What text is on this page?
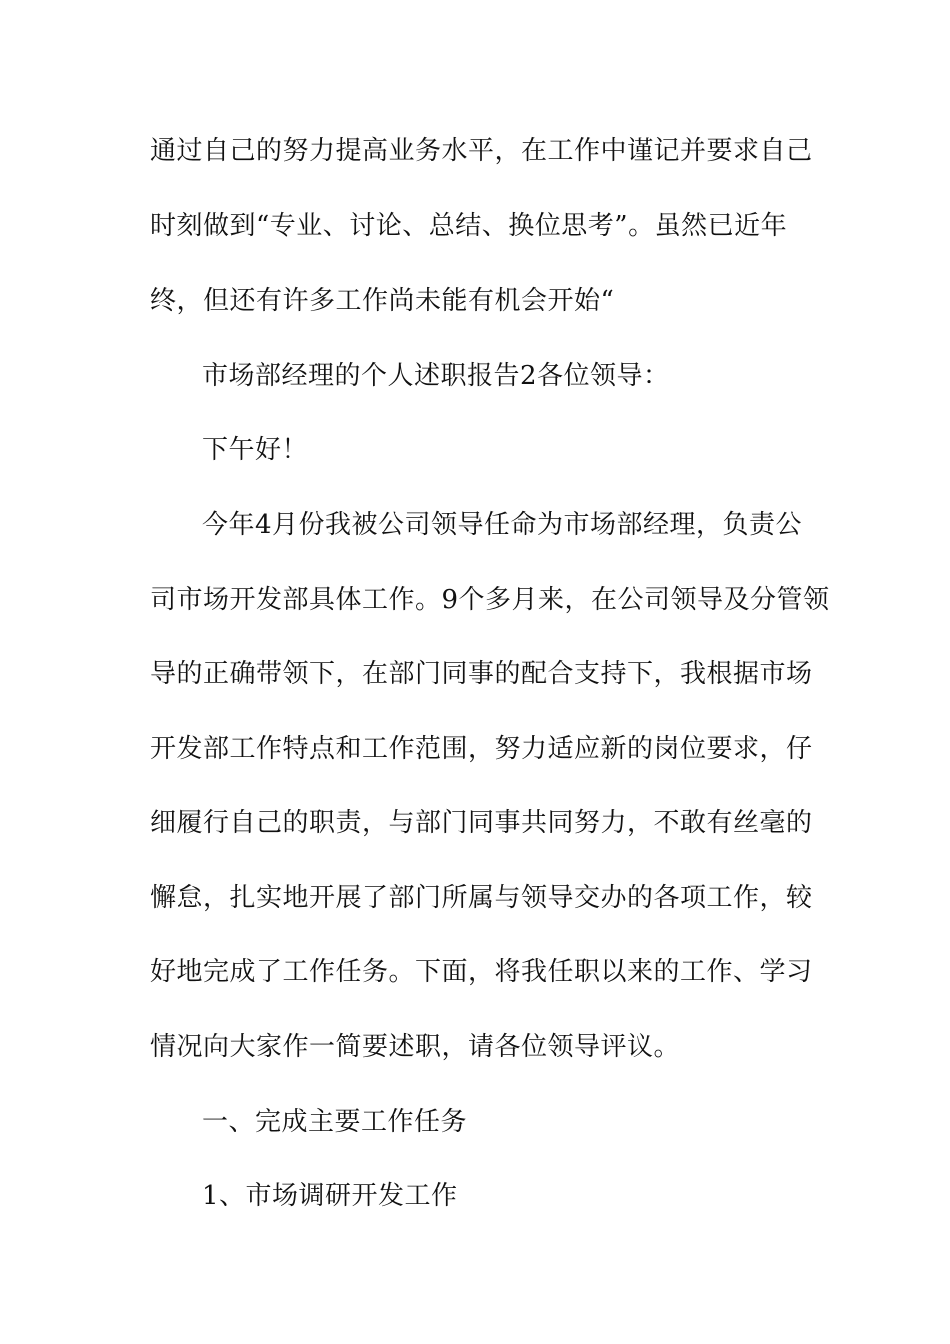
通过自己的努力提高业务水平，在工作中谨记并要求自己
时刻做到“专业、讨论、总结、换位思考”。虽然已近年
终，但还有许多工作尚未能有机会开始“
市场部经理的个人述职报告2各位领导：
下午好！
今年4月份我被公司领导任命为市场部经理，负责公
司市场开发部具体工作。9个多月来，在公司领导及分管领
导的正确带领下，在部门同事的配合支持下，我根据市场
开发部工作特点和工作范围，努力适应新的岗位要求，仔
细履行自己的职责，与部门同事共同努力，不敢有丝毫的
懈怠，扎实地开展了部门所属与领导交办的各项工作，较
好地完成了工作任务。下面，将我任职以来的工作、学习
情况向大家作一简要述职，请各位领导评议。
一、完成主要工作任务
1、市场调研开发工作
